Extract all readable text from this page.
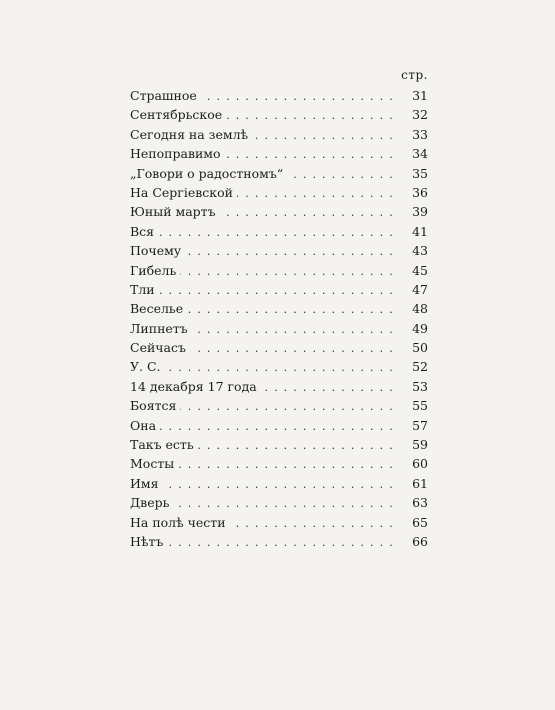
стр.
Страшное . . .	31
Сентябрьское . . .	32
Сегодня на землѣ . . .	33
Непоправимо . . .	34
„Говори о радостномъ“ . . .	35
На Сергіевской . . .	36
Юный мартъ . . .	39
Вся . . .	41
Почему . . .	43
Гибель . . .	45
Тли . . .	47
Веселье . . .	48
Липнетъ . . .	49
Сейчасъ . . .	50
У. С. . . .	52
14 декабря 17 года . . .	53
Боятся . . .	55
Она . . .	57
Такъ есть . . .	59
Мосты . . .	60
Имя . . .	61
Дверь . . .	63
На полѣ чести . . .	65
Нѣтъ . . .	66
